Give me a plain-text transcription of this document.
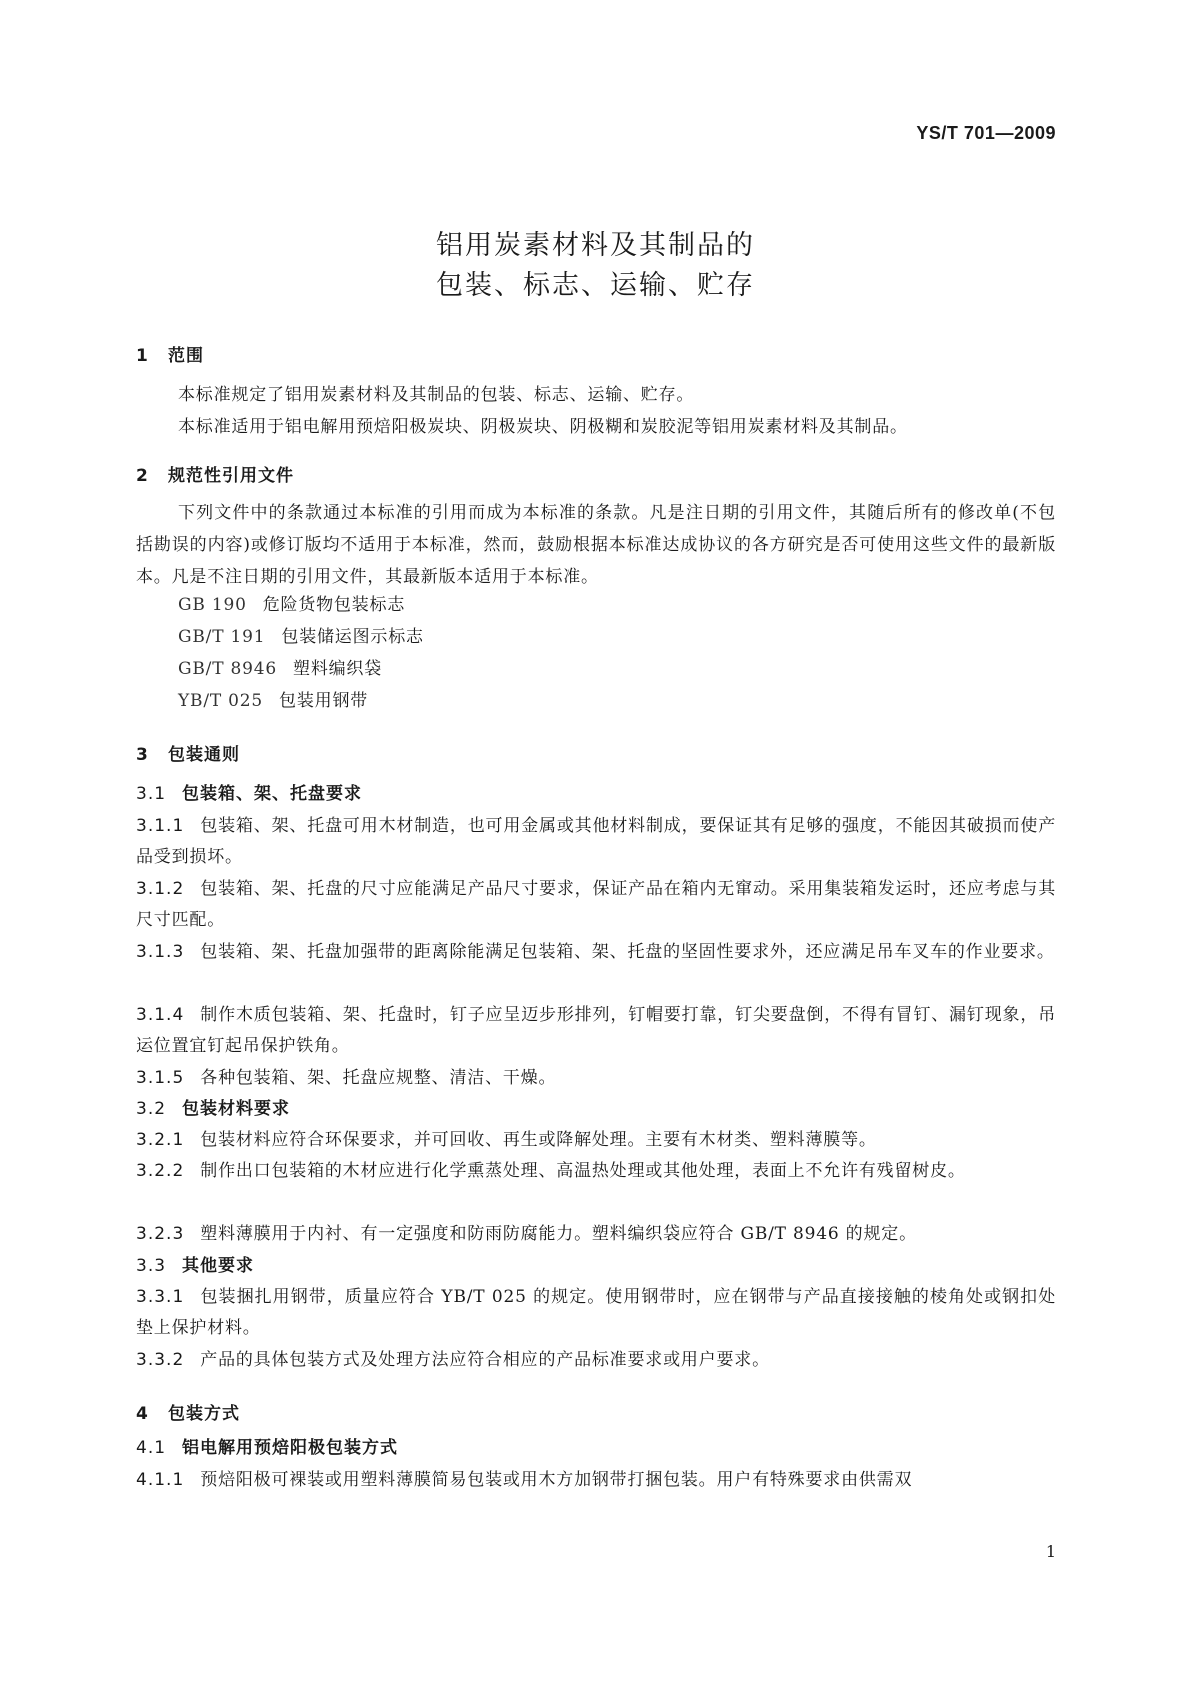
YS/T 701—2009
铝用炭素材料及其制品的
包装、标志、运输、贮存
1 范围
本标准规定了铝用炭素材料及其制品的包装、标志、运输、贮存。
本标准适用于铝电解用预焙阳极炭块、阴极炭块、阴极糊和炭胶泥等铝用炭素材料及其制品。
2 规范性引用文件
下列文件中的条款通过本标准的引用而成为本标准的条款。凡是注日期的引用文件，其随后所有的修改单(不包括勘误的内容)或修订版均不适用于本标准，然而，鼓励根据本标准达成协议的各方研究是否可使用这些文件的最新版本。凡是不注日期的引用文件，其最新版本适用于本标准。
GB 190 危险货物包装标志
GB/T 191 包装储运图示标志
GB/T 8946 塑料编织袋
YB/T 025 包装用钢带
3 包装通则
3.1 包装箱、架、托盘要求
3.1.1 包装箱、架、托盘可用木材制造，也可用金属或其他材料制成，要保证其有足够的强度，不能因其破损而使产品受到损坏。
3.1.2 包装箱、架、托盘的尺寸应能满足产品尺寸要求，保证产品在箱内无窜动。采用集装箱发运时，还应考虑与其尺寸匹配。
3.1.3 包装箱、架、托盘加强带的距离除能满足包装箱、架、托盘的坚固性要求外，还应满足吊车叉车的作业要求。
3.1.4 制作木质包装箱、架、托盘时，钉子应呈迈步形排列，钉帽要打靠，钉尖要盘倒，不得有冒钉、漏钉现象，吊运位置宜钉起吊保护铁角。
3.1.5 各种包装箱、架、托盘应规整、清洁、干燥。
3.2 包装材料要求
3.2.1 包装材料应符合环保要求，并可回收、再生或降解处理。主要有木材类、塑料薄膜等。
3.2.2 制作出口包装箱的木材应进行化学熏蒸处理、高温热处理或其他处理，表面上不允许有残留树皮。
3.2.3 塑料薄膜用于内衬、有一定强度和防雨防腐能力。塑料编织袋应符合 GB/T 8946 的规定。
3.3 其他要求
3.3.1 包装捆扎用钢带，质量应符合 YB/T 025 的规定。使用钢带时，应在钢带与产品直接接触的棱角处或钢扣处垫上保护材料。
3.3.2 产品的具体包装方式及处理方法应符合相应的产品标准要求或用户要求。
4 包装方式
4.1 铝电解用预焙阳极包装方式
4.1.1 预焙阳极可裸装或用塑料薄膜简易包装或用木方加钢带打捆包装。用户有特殊要求由供需双
1
